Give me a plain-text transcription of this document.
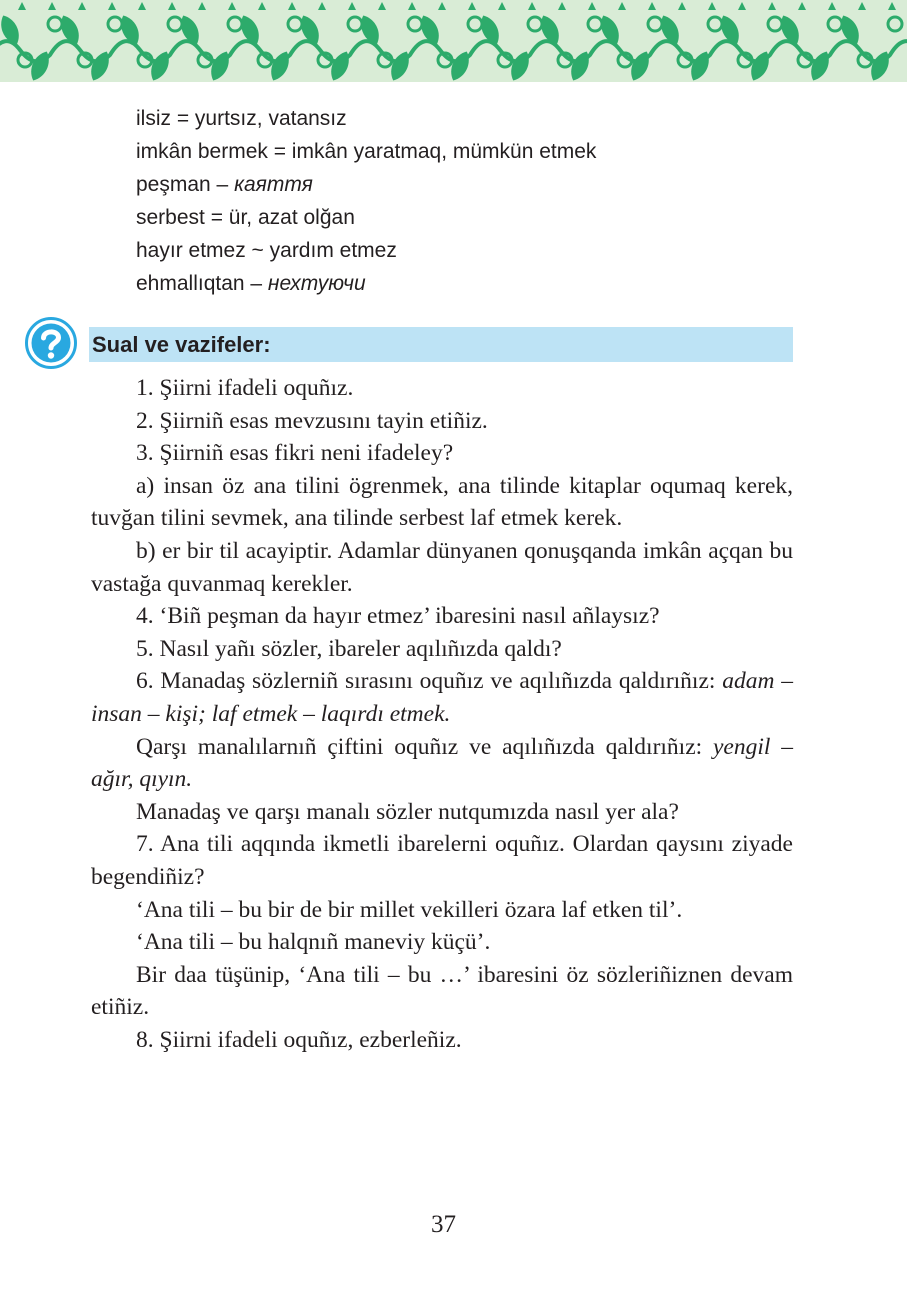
ilsiz = yurtsız, vatansız
imkân bermek = imkân yaratmaq, mümkün etmek
peşman – каяття
serbest = ür, azat olğan
hayır etmez ~ yardım etmez
ehmallıqtan – нехтуючи
Sual ve vazifeler:

1. Şiirni ifadeli oquñız.

2. Şiirniñ esas mevzusını tayin etiñiz.

3. Şiirniñ esas fikri neni ifadeley?

a) insan öz ana tilini ögrenmek, ana tilinde kitaplar oqumaq kerek, tuvğan tilini sevmek, ana tilinde serbest laf etmek kerek.

b) er bir til acayiptir. Adamlar dünyanen qonuşqanda imkân açqan bu vastağa quvanmaq kerekler.

4. ‘Biñ peşman da hayır etmez’ ibaresini nasıl añlaysız?

5. Nasıl yañı sözler, ibareler aqılıñızda qaldı?

6. Manadaş sözlerniñ sırasını oquñız ve aqılıñızda qaldırıñız: adam – insan – kişi; laf etmek – laqırdı etmek.

Qarşı manalılarnıñ çiftini oquñız ve aqılıñızda qaldırıñız: yengil – ağır, qıyın.

Manadaş ve qarşı manalı sözler nutqumızda nasıl yer ala?

7. Ana tili aqqında ikmetli ibarelerni oquñız. Olardan qaysını ziyade begendiñiz?

‘Ana tili – bu bir de bir millet vekilleri özara laf etken til’.

‘Ana tili – bu halqnıñ maneviy küçü’.

Bir daa tüşünip, ‘Ana tili – bu …’ ibaresini öz sözleriñiznen devam etiñiz.

8. Şiirni ifadeli oquñız, ezberleñiz.

37
